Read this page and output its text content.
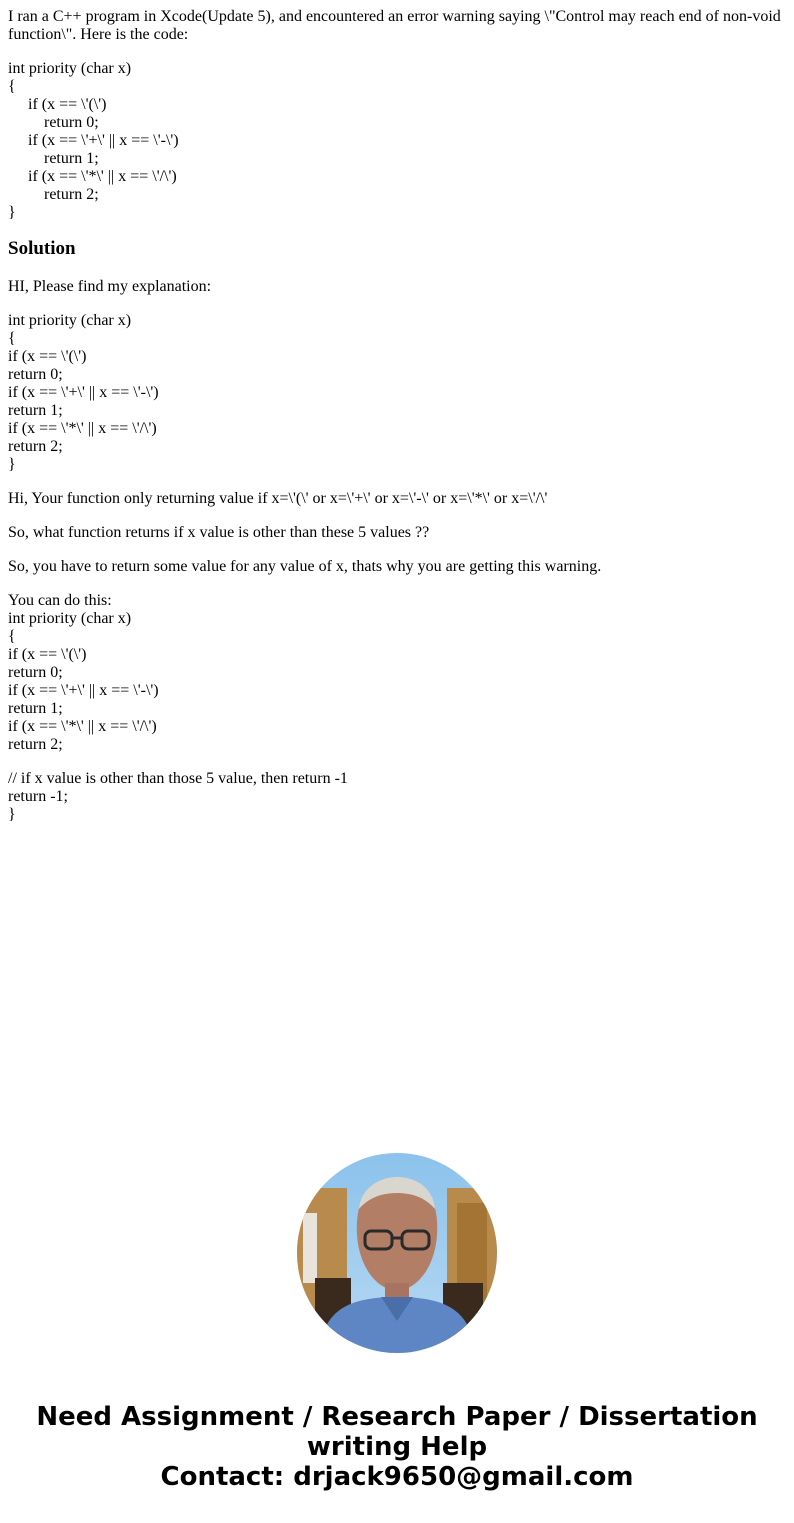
I ran a C++ program in Xcode(Update 5), and encountered an error warning saying \"Control may reach end of non-void function\". Here is the code:

int priority (char x)
{
if (x == \'(\')
return 0;
if (x == \'+\' || x == \'-\')
return 1;
if (x == \'*\' || x == \'/\')
return 2;
}
Solution

HI, Please find my explanation:

int priority (char x)
{
if (x == \'(\')
return 0;
if (x == \'+\' || x == \'-\')
return 1;
if (x == \'*\' || x == \'/\')
return 2;
}

Hi, Your function only returning value if x=\'(\' or x=\'+\' or x=\'-\' or x=\'*\' or x=\'/\'

So, what function returns if x value is other than these 5 values ??

So, you have to return some value for any value of x, thats why you are getting this warning.

You can do this:
int priority (char x)
{
if (x == \'(\')
return 0;
if (x == \'+\' || x == \'-\')
return 1;
if (x == \'*\' || x == \'/\')
return 2;
// if x value is other than those 5 value, then return -1
return -1;
}
Need Assignment / Research Paper / Dissertation
writing Help
Contact: drjack9650@gmail.com
